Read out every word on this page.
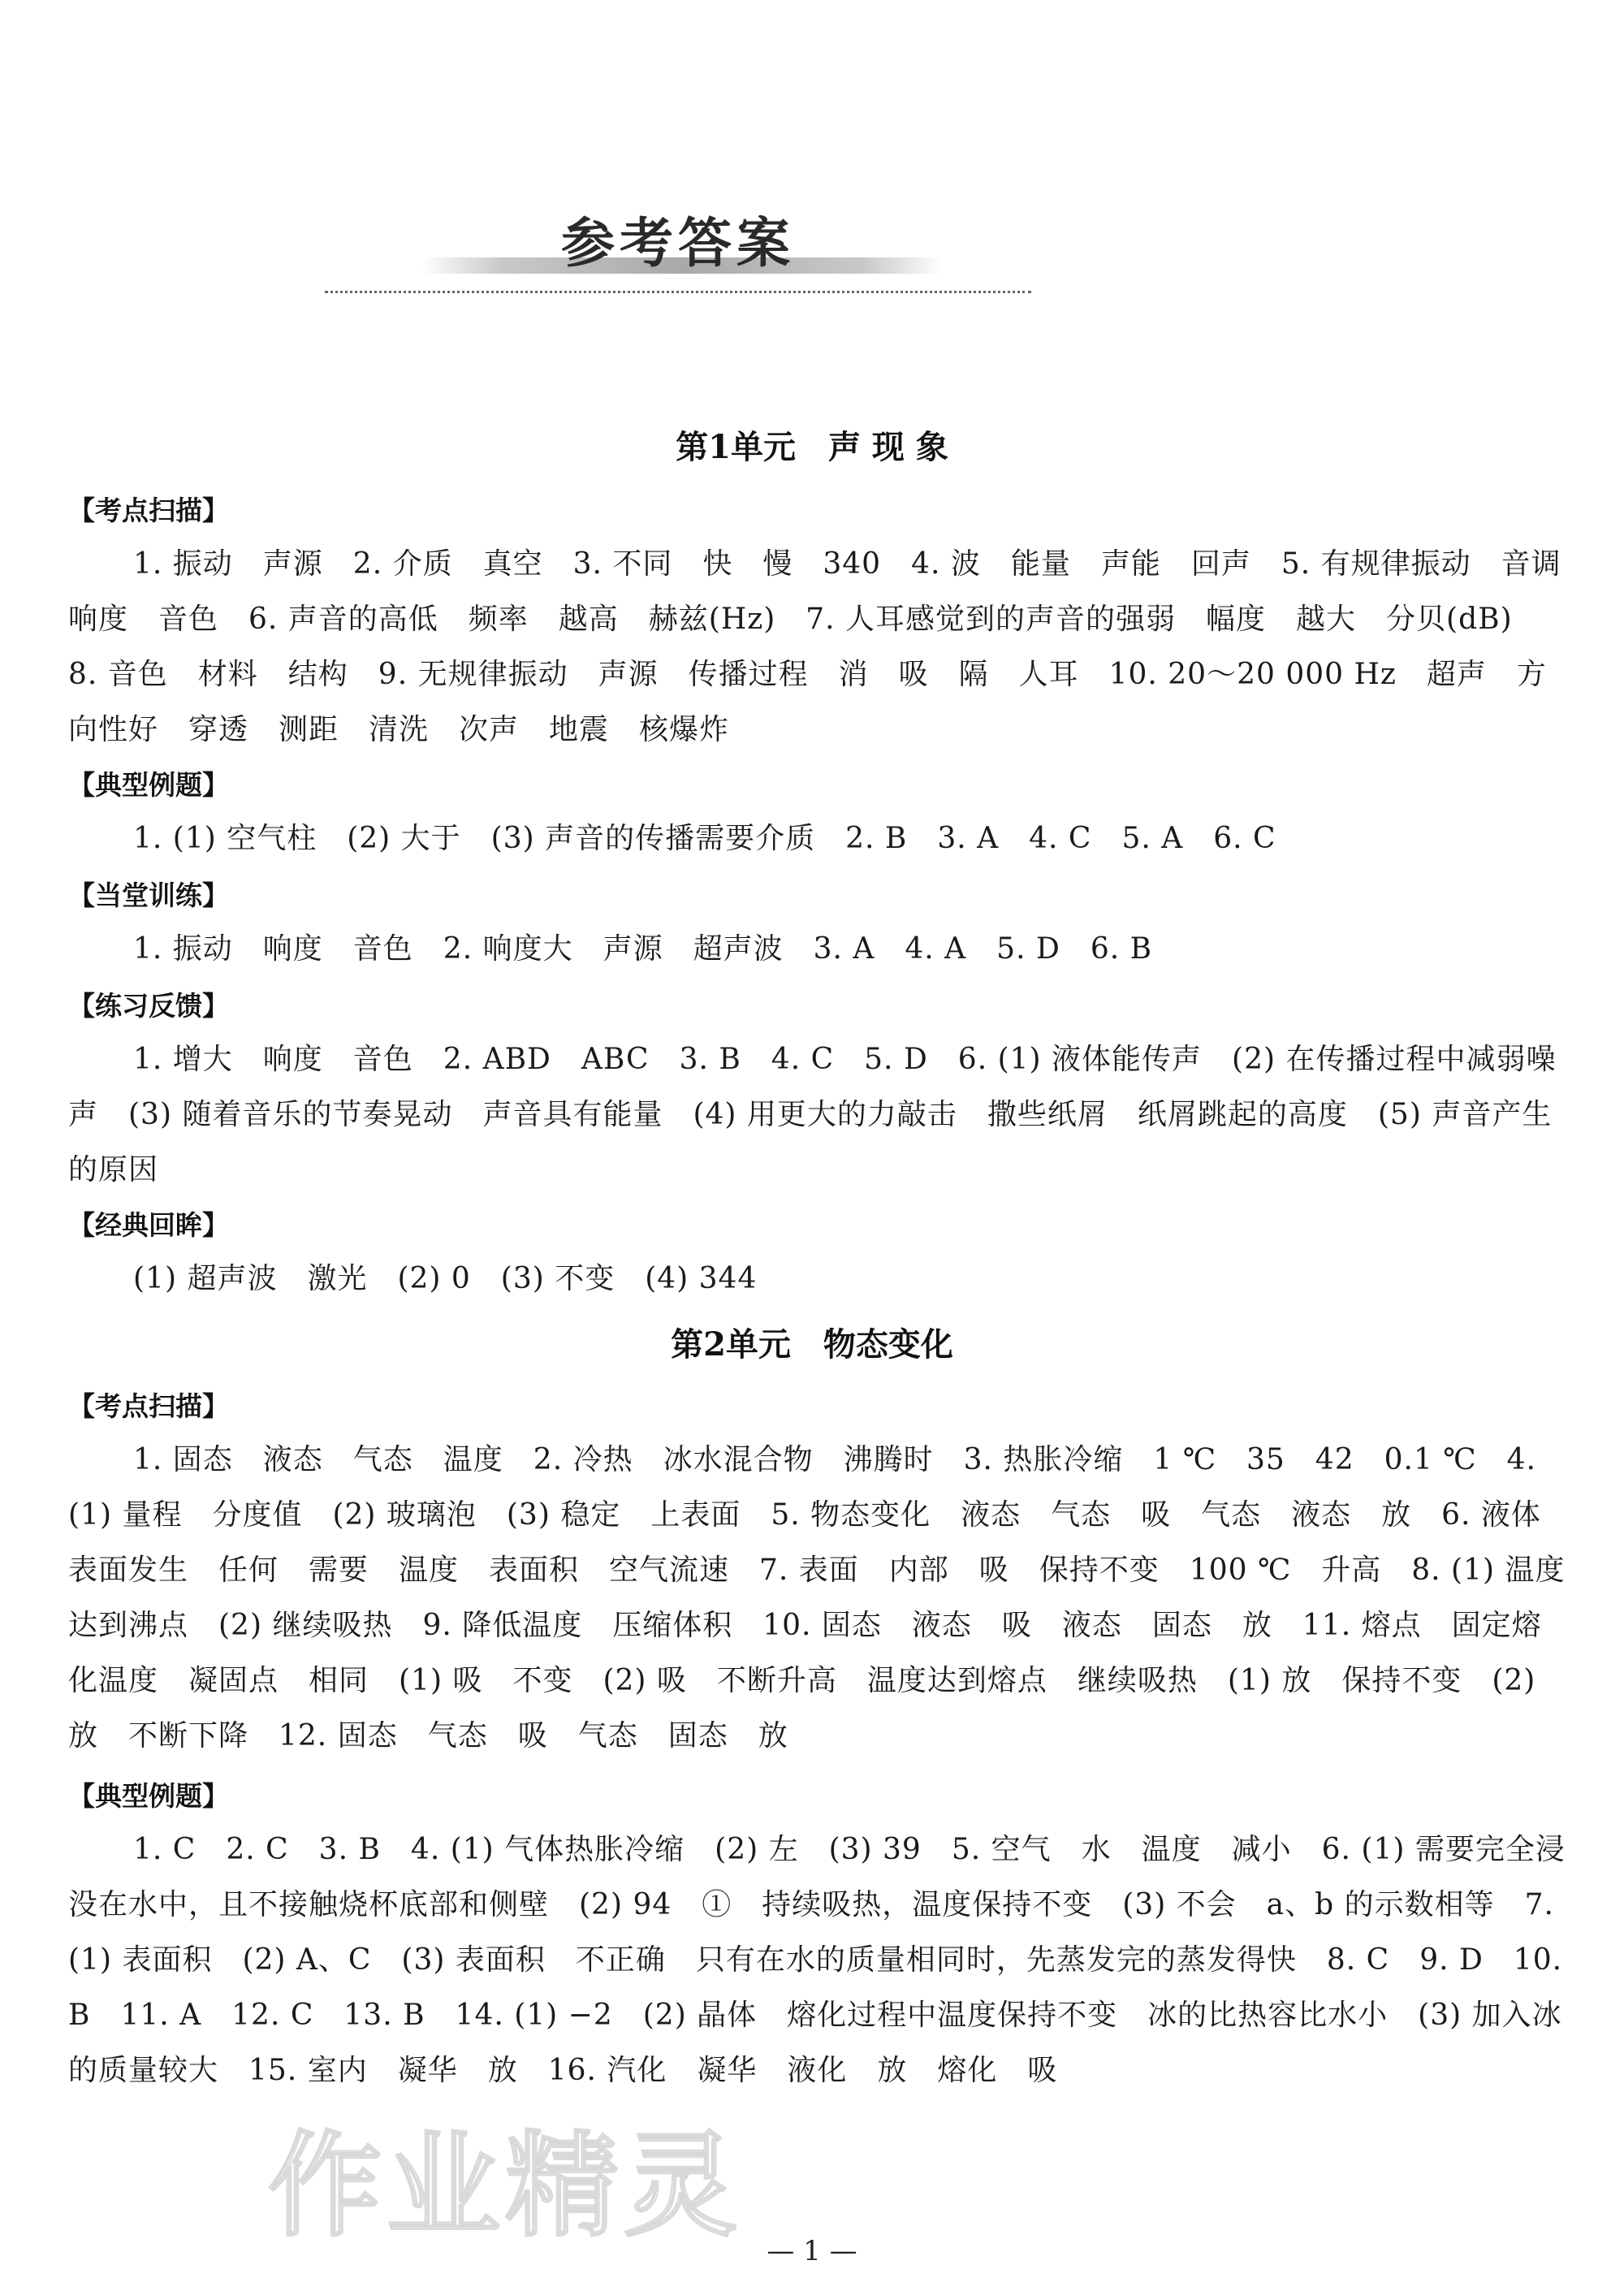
参考答案
第1单元　声 现 象
【考点扫描】

1. 振动　声源　2. 介质　真空　3. 不同　快　慢　340　4. 波　能量　声能　回声　5. 有规律振动　音调　响度　音色　6. 声音的高低　频率　越高　赫兹(Hz)　7. 人耳感觉到的声音的强弱　幅度　越大　分贝(dB)　8. 音色　材料　结构　9. 无规律振动　声源　传播过程　消　吸　隔　人耳　10. 20～20 000 Hz　超声　方向性好　穿透　测距　清洗　次声　地震　核爆炸

【典型例题】

1. (1) 空气柱　(2) 大于　(3) 声音的传播需要介质　2. B　3. A　4. C　5. A　6. C

【当堂训练】

1. 振动　响度　音色　2. 响度大　声源　超声波　3. A　4. A　5. D　6. B

【练习反馈】

1. 增大　响度　音色　2. ABD　ABC　3. B　4. C　5. D　6. (1) 液体能传声　(2) 在传播过程中减弱噪声　(3) 随着音乐的节奏晃动　声音具有能量　(4) 用更大的力敲击　撒些纸屑　纸屑跳起的高度　(5) 声音产生的原因

【经典回眸】

(1) 超声波　激光　(2) 0　(3) 不变　(4) 344

第2单元　物态变化
【考点扫描】

1. 固态　液态　气态　温度　2. 冷热　冰水混合物　沸腾时　3. 热胀冷缩　1 ℃　35　42　0.1 ℃　4. (1) 量程　分度值　(2) 玻璃泡　(3) 稳定　上表面　5. 物态变化　液态　气态　吸　气态　液态　放　6. 液体表面发生　任何　需要　温度　表面积　空气流速　7. 表面　内部　吸　保持不变　100 ℃　升高　8. (1) 温度达到沸点　(2) 继续吸热　9. 降低温度　压缩体积　10. 固态　液态　吸　液态　固态　放　11. 熔点　固定熔化温度　凝固点　相同　(1) 吸　不变　(2) 吸　不断升高　温度达到熔点　继续吸热　(1) 放　保持不变　(2) 放　不断下降　12. 固态　气态　吸　气态　固态　放

【典型例题】

1. C　2. C　3. B　4. (1) 气体热胀冷缩　(2) 左　(3) 39　5. 空气　水　温度　减小　6. (1) 需要完全浸没在水中，且不接触烧杯底部和侧壁　(2) 94　①　持续吸热，温度保持不变　(3) 不会　a、b 的示数相等　7. (1) 表面积　(2) A、C　(3) 表面积　不正确　只有在水的质量相同时，先蒸发完的蒸发得快　8. C　9. D　10. B　11. A　12. C　13. B　14. (1) −2　(2) 晶体　熔化过程中温度保持不变　冰的比热容比水小　(3) 加入冰的质量较大　15. 室内　凝华　放　16. 汽化　凝华　液化　放　熔化　吸

作业精灵 — 1 —
